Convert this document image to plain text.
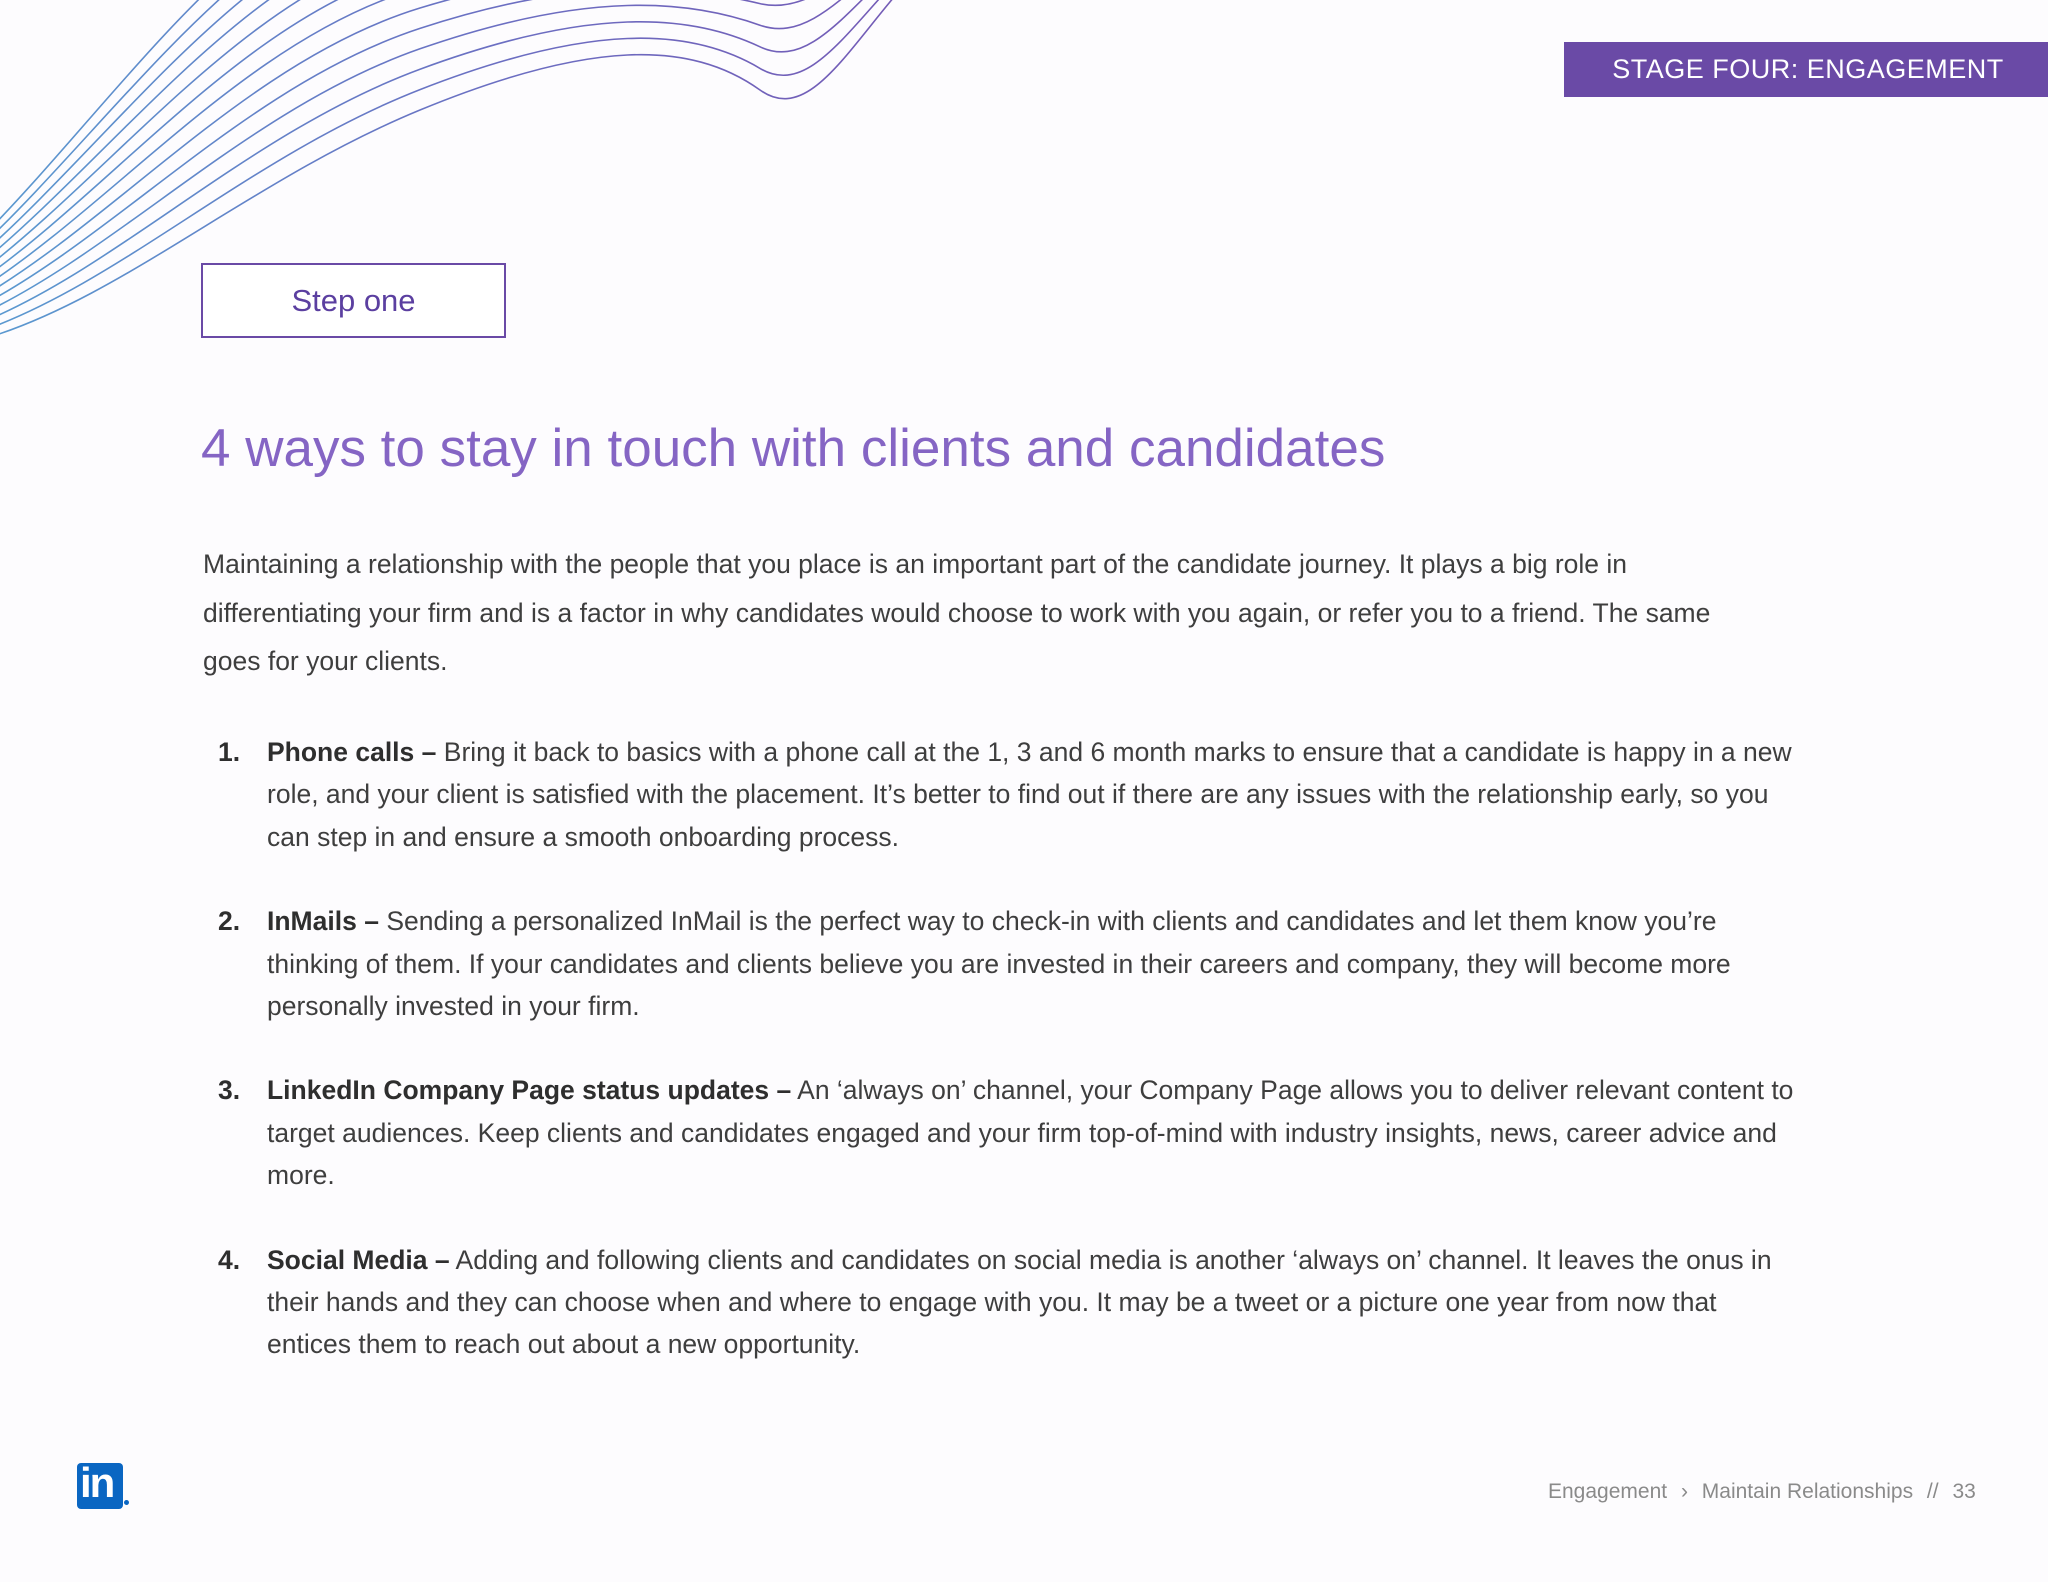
STAGE FOUR: ENGAGEMENT
Step one
4 ways to stay in touch with clients and candidates

Maintaining a relationship with the people that you place is an important part of the candidate journey. It plays a big role in differentiating your firm and is a factor in why candidates would choose to work with you again, or refer you to a friend. The same goes for your clients.

1.	Phone calls – Bring it back to basics with a phone call at the 1, 3 and 6 month marks to ensure that a candidate is happy in a new role, and your client is satisfied with the placement. It’s better to find out if there are any issues with the relationship early, so you can step in and ensure a smooth onboarding process.
2.	InMails – Sending a personalized InMail is the perfect way to check-in with clients and candidates and let them know you’re thinking of them. If your candidates and clients believe you are invested in their careers and company, they will become more personally invested in your firm.
3.	LinkedIn Company Page status updates – An ‘always on’ channel, your Company Page allows you to deliver relevant content to target audiences. Keep clients and candidates engaged and your firm top-of-mind with industry insights, news, career advice and more.
4.	Social Media – Adding and following clients and candidates on social media is another ‘always on’ channel. It leaves the onus in their hands and they can choose when and where to engage with you. It may be a tweet or a picture one year from now that entices them to reach out about a new opportunity.
in	Engagement › Maintain Relationships // 33
